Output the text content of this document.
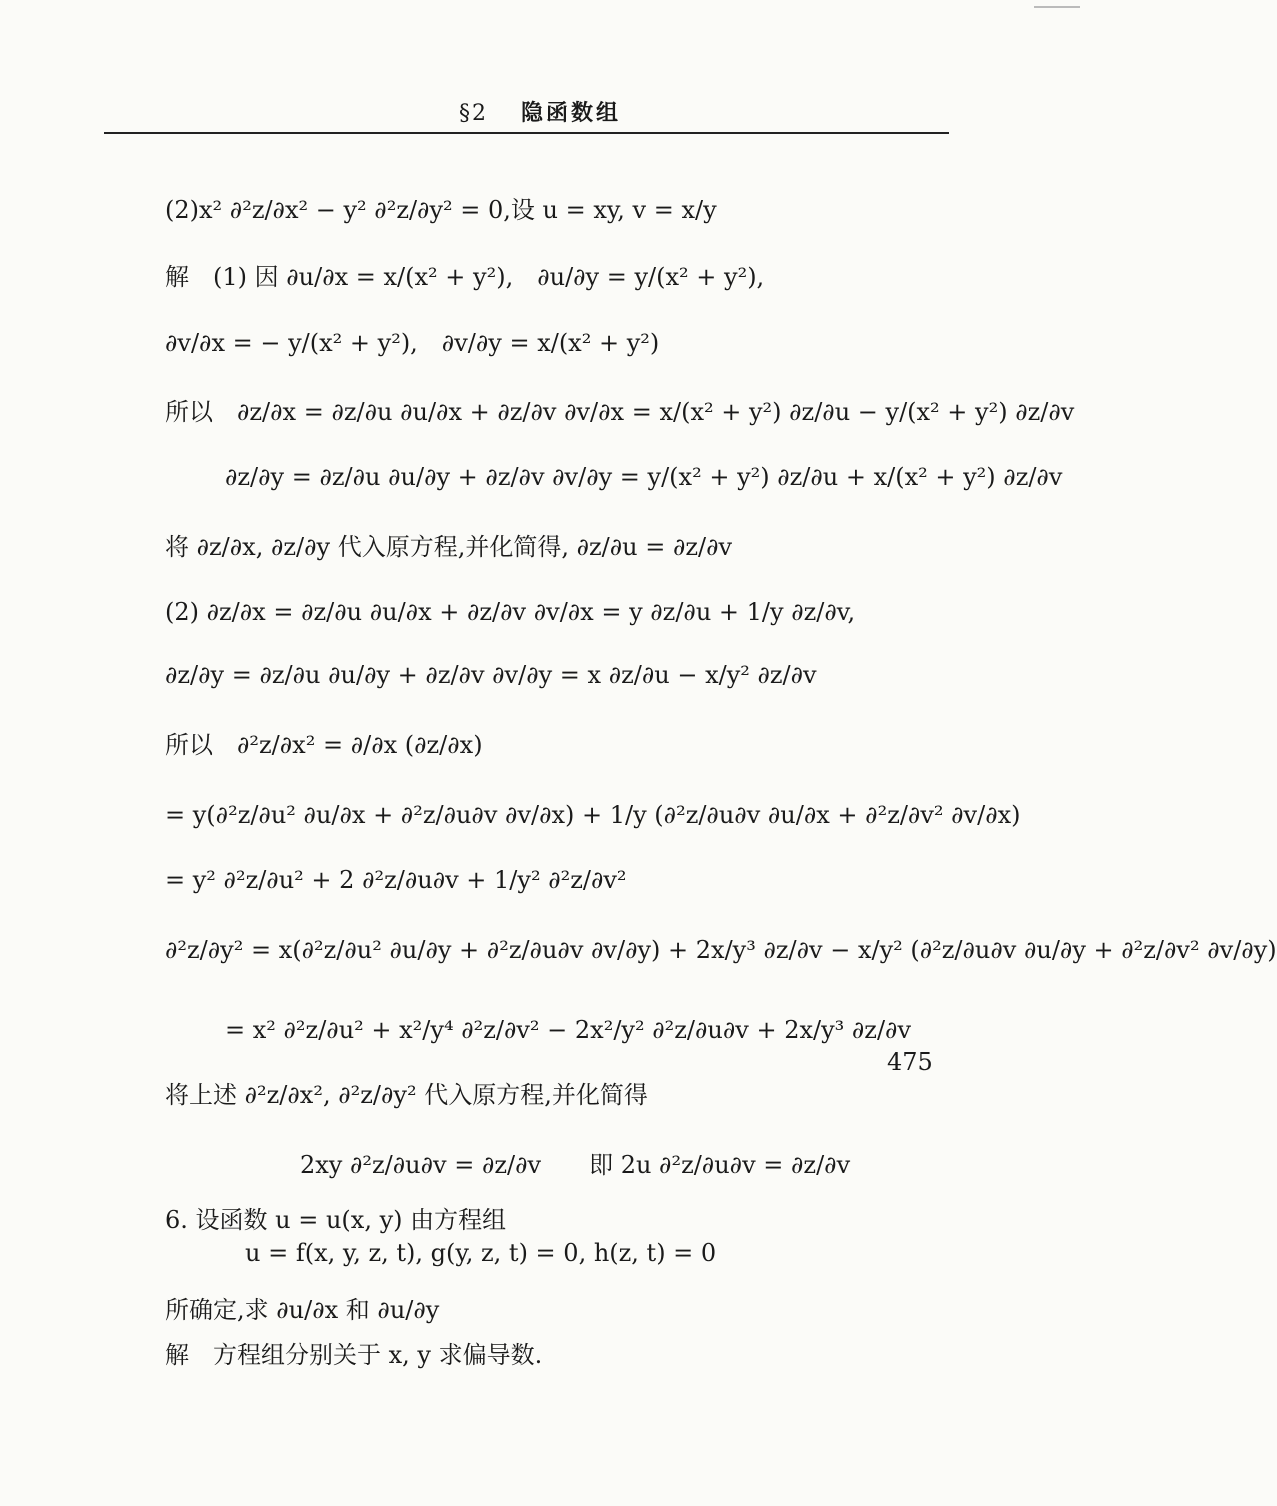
§2 隐函数组
(2)x² ∂²z/∂x² − y² ∂²z/∂y² = 0,设 u = xy, v = x/y
解　(1) 因 ∂u/∂x = x/(x² + y²),　∂u/∂y = y/(x² + y²),
∂v/∂x = − y/(x² + y²),　∂v/∂y = x/(x² + y²)
所以　∂z/∂x = ∂z/∂u ∂u/∂x + ∂z/∂v ∂v/∂x = x/(x² + y²) ∂z/∂u − y/(x² + y²) ∂z/∂v
∂z/∂y = ∂z/∂u ∂u/∂y + ∂z/∂v ∂v/∂y = y/(x² + y²) ∂z/∂u + x/(x² + y²) ∂z/∂v
将 ∂z/∂x, ∂z/∂y 代入原方程,并化简得, ∂z/∂u = ∂z/∂v
(2) ∂z/∂x = ∂z/∂u ∂u/∂x + ∂z/∂v ∂v/∂x = y ∂z/∂u + 1/y ∂z/∂v,
∂z/∂y = ∂z/∂u ∂u/∂y + ∂z/∂v ∂v/∂y = x ∂z/∂u − x/y² ∂z/∂v
所以　∂²z/∂x² = ∂/∂x (∂z/∂x)
= y(∂²z/∂u² ∂u/∂x + ∂²z/∂u∂v ∂v/∂x) + 1/y (∂²z/∂u∂v ∂u/∂x + ∂²z/∂v² ∂v/∂x)
= y² ∂²z/∂u² + 2 ∂²z/∂u∂v + 1/y² ∂²z/∂v²
∂²z/∂y² = x(∂²z/∂u² ∂u/∂y + ∂²z/∂u∂v ∂v/∂y) + 2x/y³ ∂z/∂v − x/y² (∂²z/∂u∂v ∂u/∂y + ∂²z/∂v² ∂v/∂y)
= x² ∂²z/∂u² + x²/y⁴ ∂²z/∂v² − 2x²/y² ∂²z/∂u∂v + 2x/y³ ∂z/∂v
将上述 ∂²z/∂x², ∂²z/∂y² 代入原方程,并化简得
2xy ∂²z/∂u∂v = ∂z/∂v　　即 2u ∂²z/∂u∂v = ∂z/∂v
6. 设函数 u = u(x, y) 由方程组
u = f(x, y, z, t), g(y, z, t) = 0, h(z, t) = 0
所确定,求 ∂u/∂x 和 ∂u/∂y
解　方程组分别关于 x, y 求偏导数.
475
